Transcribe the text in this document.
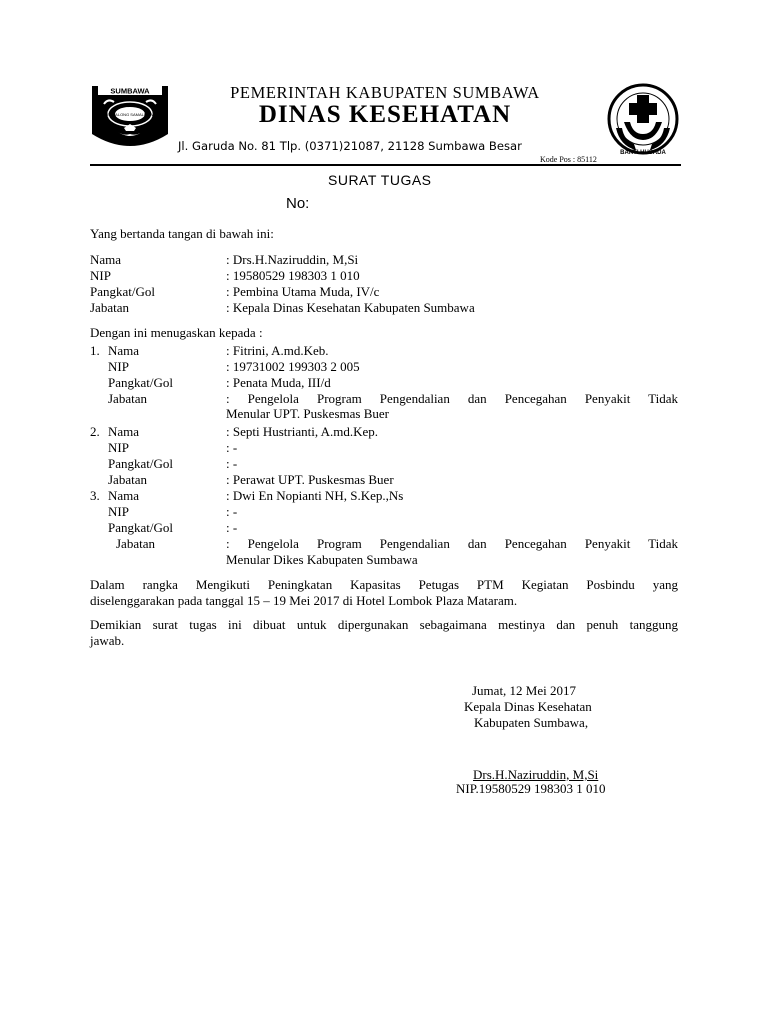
SUMBAWA
SABALONG SAMALEWA
BAKTI HUSADA
PEMERINTAH KABUPATEN SUMBAWA
DINAS KESEHATAN
Jl. Garuda No. 81 Tlp. (0371)21087, 21128 Sumbawa Besar
Kode Pos : 85112
SURAT TUGAS
No:
Yang bertanda tangan di bawah ini:
Nama	: Drs.H.Naziruddin, M,Si
NIP	: 19580529 198303 1 010
Pangkat/Gol	: Pembina Utama Muda, IV/c
Jabatan	: Kepala Dinas Kesehatan Kabupaten Sumbawa
Dengan ini menugaskan kepada :
1. Nama	: Fitrini, A.md.Keb.
NIP	: 19731002 199303 2 005
Pangkat/Gol	: Penata Muda, III/d
Jabatan	: Pengelola Program Pengendalian dan Pencegahan Penyakit Tidak
Menular UPT. Puskesmas Buer
2. Nama	: Septi Hustrianti, A.md.Kep.
NIP	: -
Pangkat/Gol	: -
Jabatan	: Perawat UPT. Puskesmas Buer
3. Nama	: Dwi En Nopianti NH, S.Kep.,Ns
NIP	: -
Pangkat/Gol	: -
Jabatan	: Pengelola Program Pengendalian dan Pencegahan Penyakit Tidak
Menular Dikes Kabupaten Sumbawa
Dalam rangka Mengikuti Peningkatan Kapasitas Petugas PTM Kegiatan Posbindu yang
diselenggarakan pada tanggal 15 – 19 Mei 2017 di Hotel Lombok Plaza Mataram.
Demikian surat tugas ini dibuat untuk dipergunakan sebagaimana mestinya dan penuh tanggung
jawab.
Jumat, 12 Mei 2017
Kepala Dinas Kesehatan
Kabupaten Sumbawa,
Drs.H.Naziruddin, M,Si
NIP.19580529 198303 1 010
